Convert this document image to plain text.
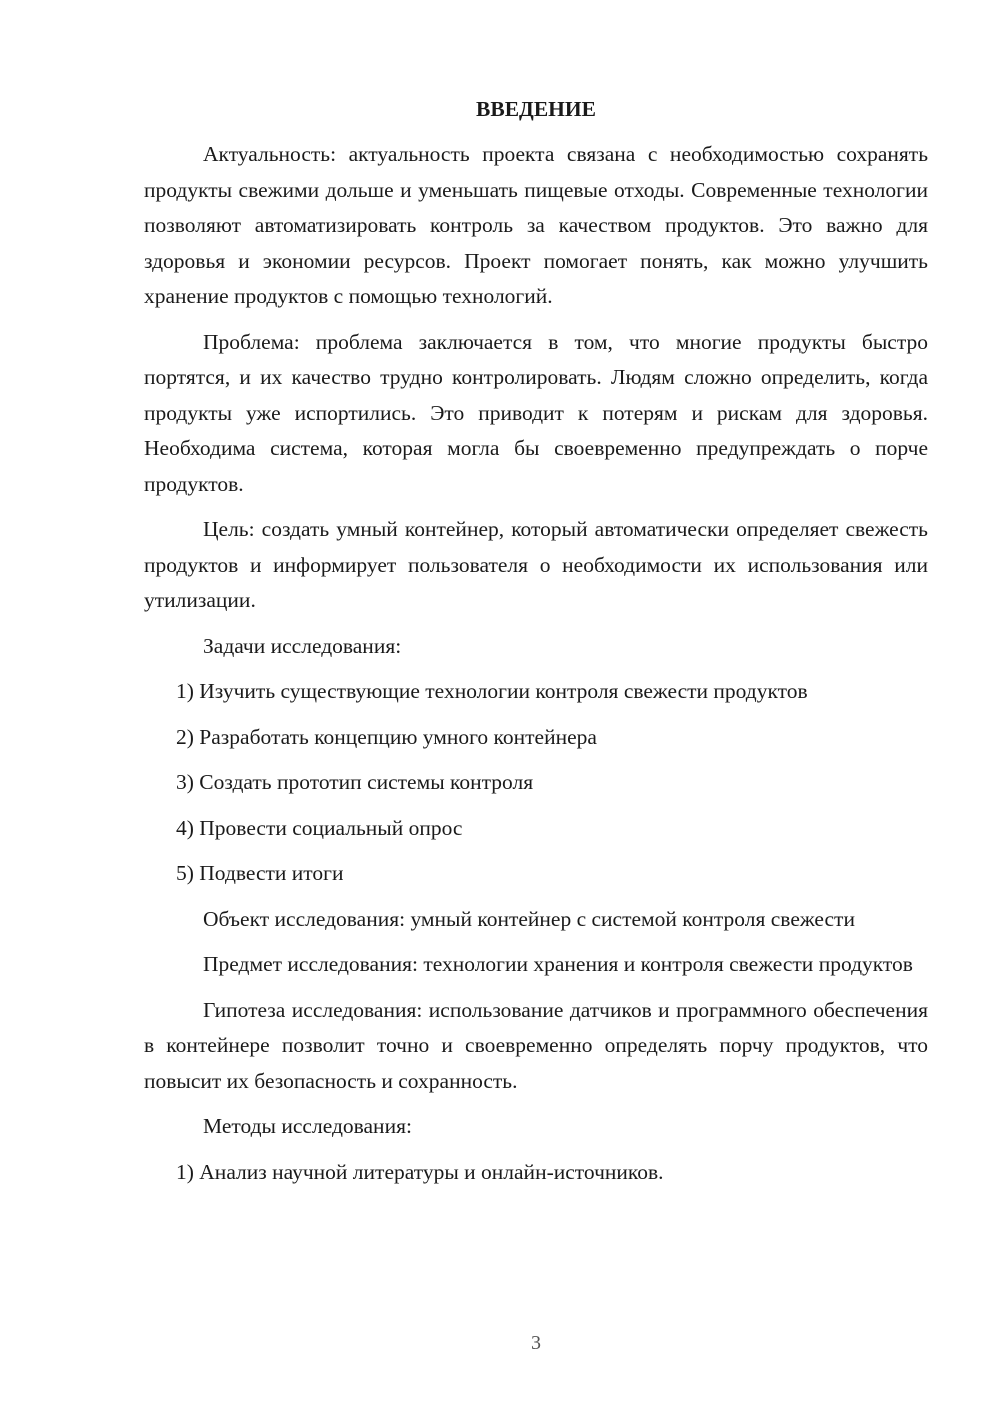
ВВЕДЕНИЕ

Актуальность: актуальность проекта связана с необходимостью сохранять продукты свежими дольше и уменьшать пищевые отходы. Современные технологии позволяют автоматизировать контроль за качеством продуктов. Это важно для здоровья и экономии ресурсов. Проект помогает понять, как можно улучшить хранение продуктов с помощью технологий.

Проблема: проблема заключается в том, что многие продукты быстро портятся, и их качество трудно контролировать. Людям сложно определить, когда продукты уже испортились. Это приводит к потерям и рискам для здоровья. Необходима система, которая могла бы своевременно предупреждать о порче продуктов.

Цель: создать умный контейнер, который автоматически определяет свежесть продуктов и информирует пользователя о необходимости их использования или утилизации.

Задачи исследования:

1) Изучить существующие технологии контроля свежести продуктов

2) Разработать концепцию умного контейнера

3) Создать прототип системы контроля

4) Провести социальный опрос

5) Подвести итоги

Объект исследования: умный контейнер с системой контроля свежести

Предмет исследования: технологии хранения и контроля свежести продуктов

Гипотеза исследования: использование датчиков и программного обеспечения в контейнере позволит точно и своевременно определять порчу продуктов, что повысит их безопасность и сохранность.

Методы исследования:

1) Анализ научной литературы и онлайн-источников.

3
